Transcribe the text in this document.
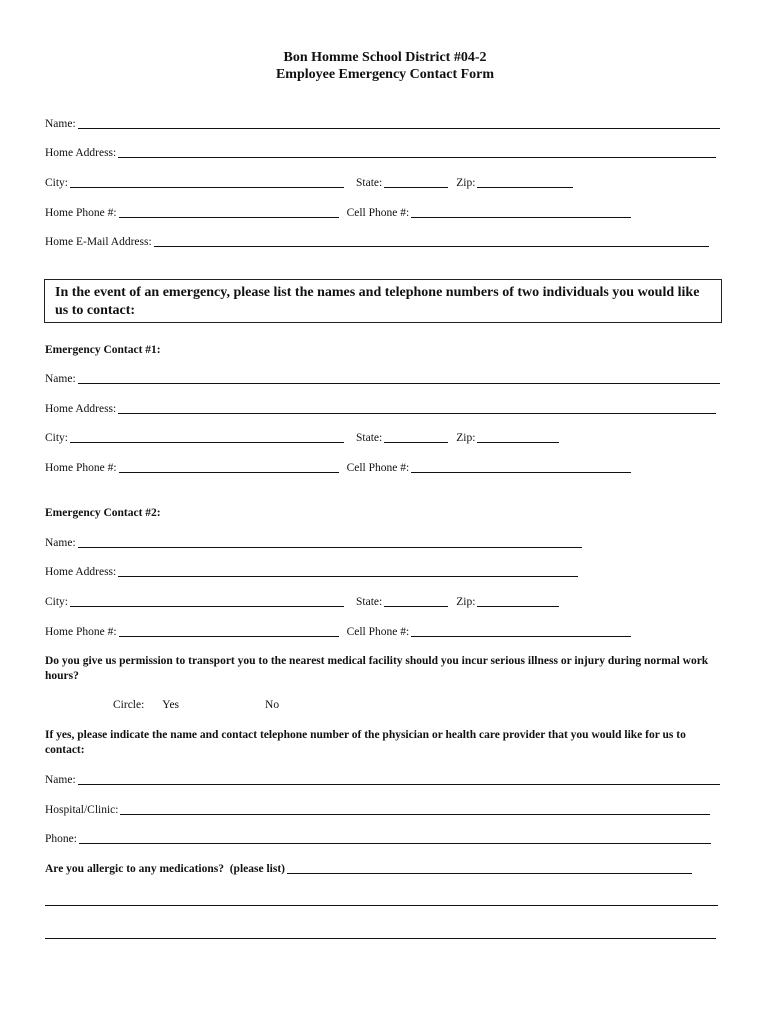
Bon Homme School District #04-2
Employee Emergency Contact Form
Name:
Home Address:
City:	State:	Zip:
Home Phone #:	Cell Phone #:
Home E-Mail Address:
In the event of an emergency, please list the names and telephone numbers of two individuals you would like us to contact:
Emergency Contact #1:
Name:
Home Address:
City:	State:	Zip:
Home Phone #:	Cell Phone #:
Emergency Contact #2:
Name:
Home Address:
City:	State:	Zip:
Home Phone #:	Cell Phone #:
Do you give us permission to transport you to the nearest medical facility should you incur serious illness or injury during normal work hours?
Circle: Yes	No
If yes, please indicate the name and contact telephone number of the physician or health care provider that you would like for us to contact:
Name:
Hospital/Clinic:
Phone:
Are you allergic to any medications?  (please list)
